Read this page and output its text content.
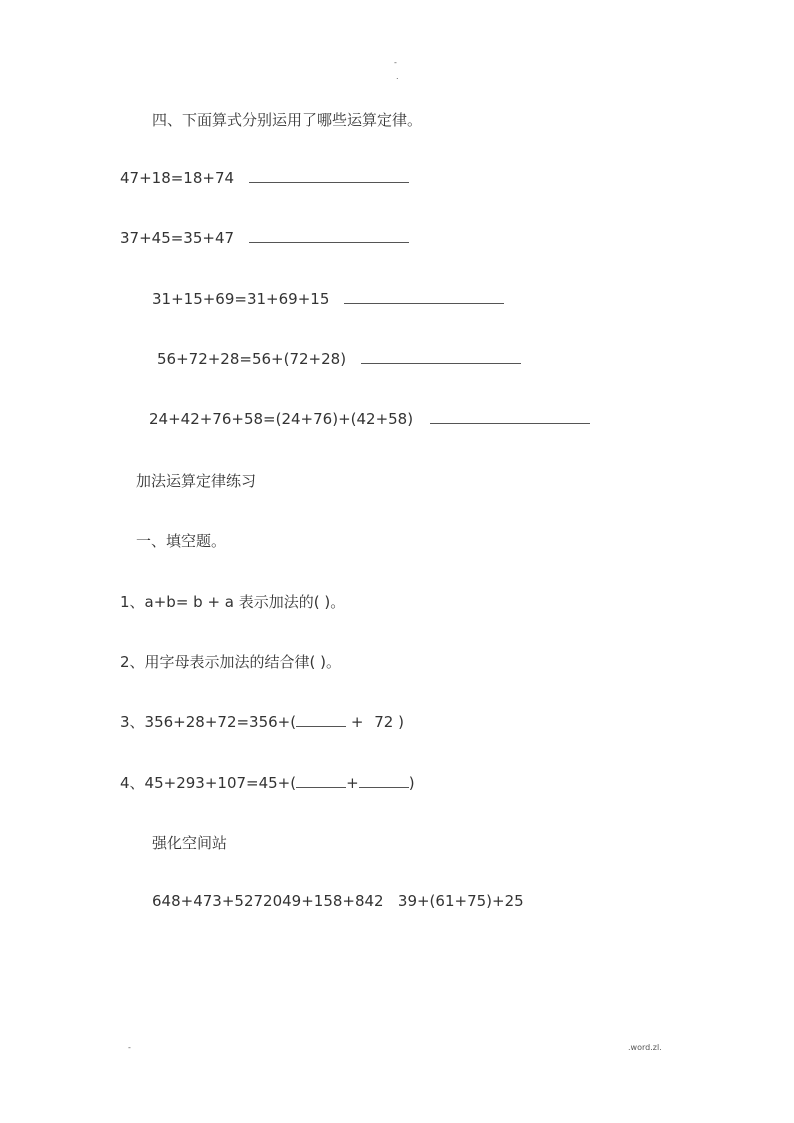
-
.
四、下面算式分别运用了哪些运算定律。
47+18=18+74
37+45=35+47
31+15+69=31+69+15
56+72+28=56+(72+28)
24+42+76+58=(24+76)+(42+58)
加法运算定律练习
一、填空题。
1、a+b= b + a 表示加法的( )。
2、用字母表示加法的结合律( )。
3、356+28+72=356+(	+ 72 )
4、45+293+107=45+(	+	)
强化空间站
648+473+5272049+158+842   39+(61+75)+25
-	.word.zl.
